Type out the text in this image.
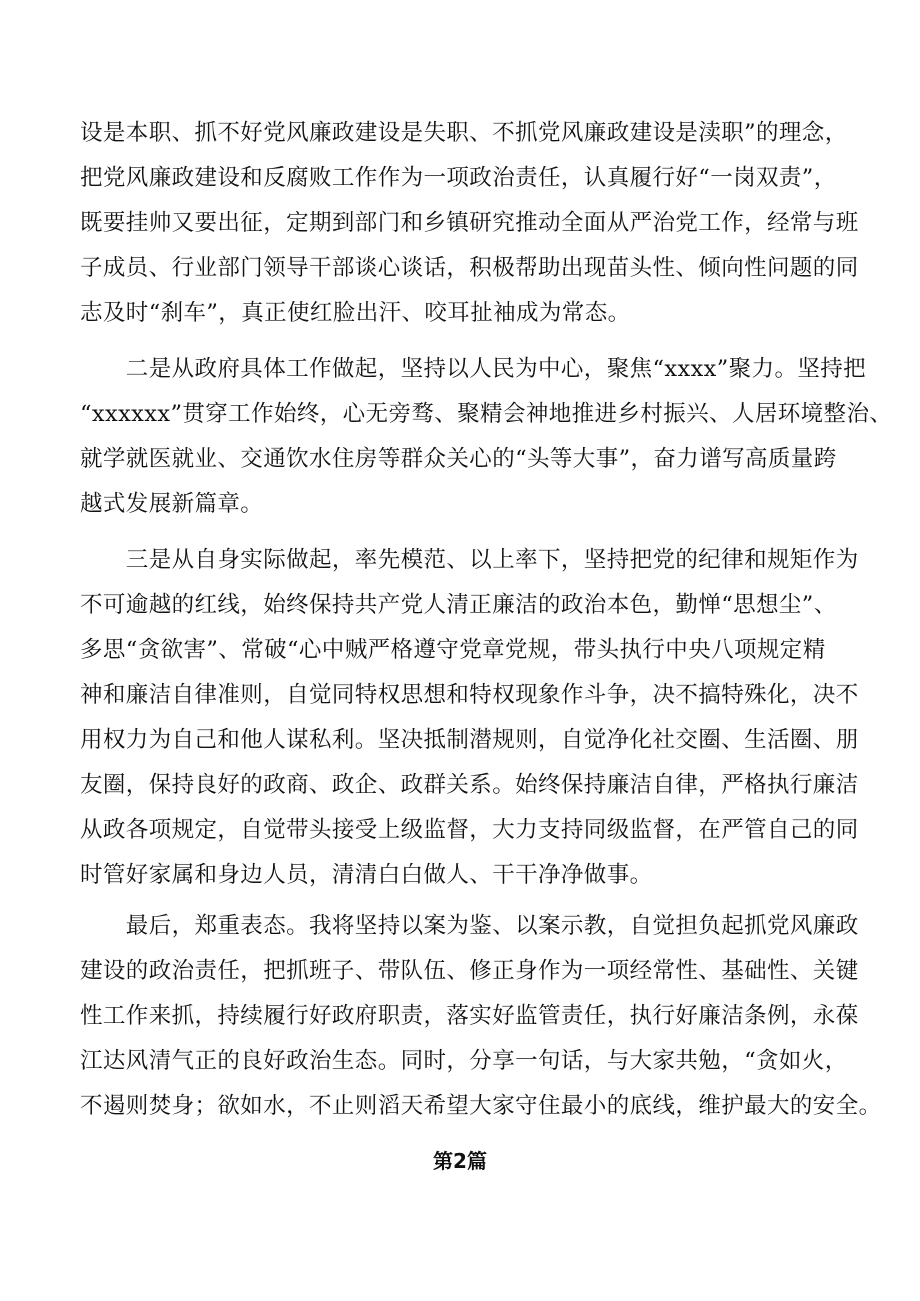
设是本职、抓不好党风廉政建设是失职、不抓党风廉政建设是渎职”的理念，
把党风廉政建设和反腐败工作作为一项政治责任，认真履行好“一岗双责”，
既要挂帅又要出征，定期到部门和乡镇研究推动全面从严治党工作，经常与班
子成员、行业部门领导干部谈心谈话，积极帮助出现苗头性、倾向性问题的同
志及时“刹车”，真正使红脸出汗、咬耳扯袖成为常态。
　　二是从政府具体工作做起，坚持以人民为中心，聚焦“xxxx”聚力。坚持把
“xxxxxx”贯穿工作始终，心无旁骛、聚精会神地推进乡村振兴、人居环境整治、
就学就医就业、交通饮水住房等群众关心的“头等大事”，奋力谱写高质量跨
越式发展新篇章。
　　三是从自身实际做起，率先模范、以上率下，坚持把党的纪律和规矩作为
不可逾越的红线，始终保持共产党人清正廉洁的政治本色，勤惮“思想尘”、
多思“贪欲害”、常破“心中贼严格遵守党章党规，带头执行中央八项规定精
神和廉洁自律准则，自觉同特权思想和特权现象作斗争，决不搞特殊化，决不
用权力为自己和他人谋私利。坚决抵制潜规则，自觉净化社交圈、生活圈、朋
友圈，保持良好的政商、政企、政群关系。始终保持廉洁自律，严格执行廉洁
从政各项规定，自觉带头接受上级监督，大力支持同级监督，在严管自己的同
时管好家属和身边人员，清清白白做人、干干净净做事。
　　最后，郑重表态。我将坚持以案为鉴、以案示教，自觉担负起抓党风廉政
建设的政治责任，把抓班子、带队伍、修正身作为一项经常性、基础性、关键
性工作来抓，持续履行好政府职责，落实好监管责任，执行好廉洁条例，永葆
江达风清气正的良好政治生态。同时，分享一句话，与大家共勉，“贪如火，
不遏则焚身；欲如水，不止则滔天希望大家守住最小的底线，维护最大的安全。
第2篇
